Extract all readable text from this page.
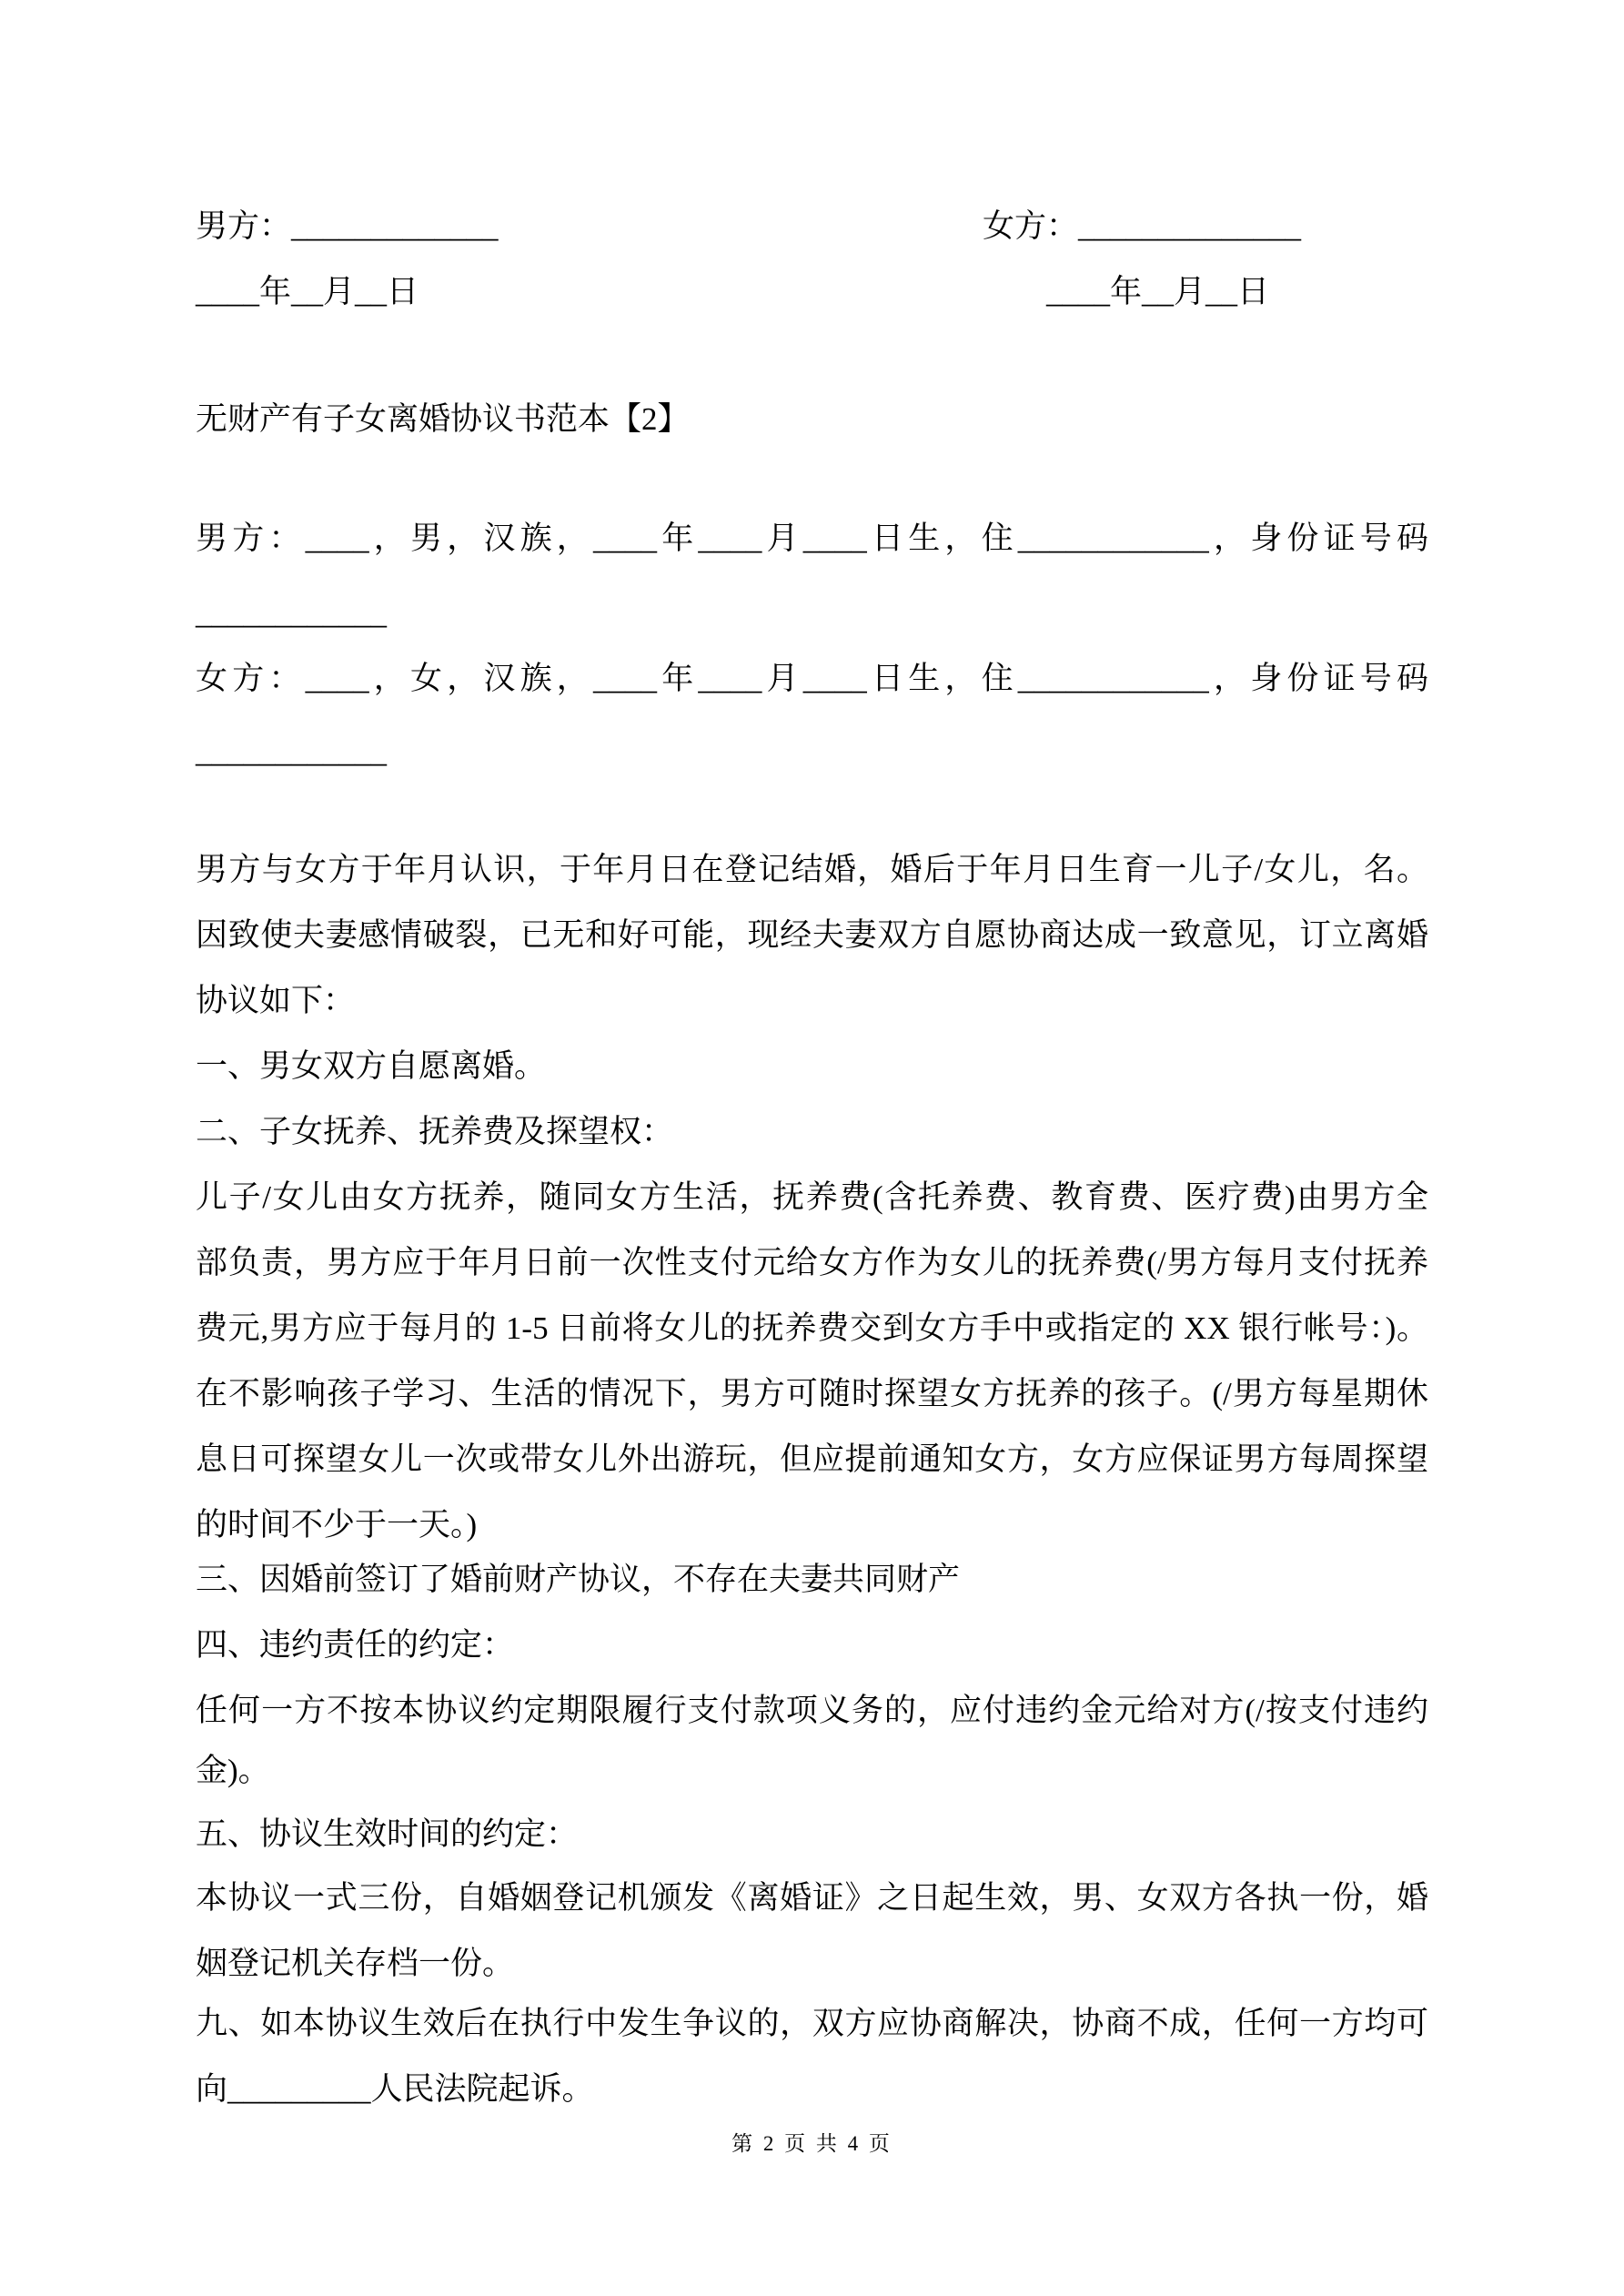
男方：_____________	女方：______________
____年__月__日	____年__月__日
无财产有子女离婚协议书范本【2】
男方：____，男，汉族，____年____月____日生，住____________，身份证号码
____________
女方：____，女，汉族，____年____月____日生，住____________，身份证号码
____________
男方与女方于年月认识，于年月日在登记结婚，婚后于年月日生育一儿子/女儿，名。
因致使夫妻感情破裂，已无和好可能，现经夫妻双方自愿协商达成一致意见，订立离婚
协议如下：
一、男女双方自愿离婚。
二、子女抚养、抚养费及探望权：
儿子/女儿由女方抚养，随同女方生活，抚养费(含托养费、教育费、医疗费)由男方全
部负责，男方应于年月日前一次性支付元给女方作为女儿的抚养费(/男方每月支付抚养
费元,男方应于每月的 1-5 日前将女儿的抚养费交到女方手中或指定的 XX 银行帐号：)。
在不影响孩子学习、生活的情况下，男方可随时探望女方抚养的孩子。(/男方每星期休
息日可探望女儿一次或带女儿外出游玩，但应提前通知女方，女方应保证男方每周探望
的时间不少于一天。)
三、因婚前签订了婚前财产协议，不存在夫妻共同财产
四、违约责任的约定：
任何一方不按本协议约定期限履行支付款项义务的，应付违约金元给对方(/按支付违约
金)。
五、协议生效时间的约定：
本协议一式三份，自婚姻登记机颁发《离婚证》之日起生效，男、女双方各执一份，婚
姻登记机关存档一份。
九、如本协议生效后在执行中发生争议的，双方应协商解决，协商不成，任何一方均可
向_________人民法院起诉。
第 2 页 共 4 页
